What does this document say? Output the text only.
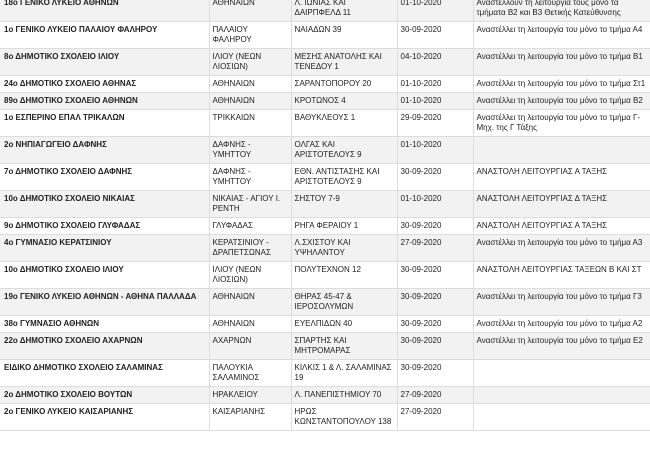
18ο ΓΕΝΙΚΟ ΛΥΚΕΙΟ ΑΘΗΝΩΝ	ΑΘΗΝΑΙΩΝ	Λ. ΙΩΝΙΑΣ ΚΑΙ ΔΑΙΡΠΦΕΛΔ 11	01-10-2020	Αναστέλλουν τη λειτουργία τους μόνο τα τμήματα Β2 και Β3 Θετικής Κατεύθυνσης
1ο ΓΕΝΙΚΟ ΛΥΚΕΙΟ ΠΑΛΑΙΟΥ ΦΑΛΗΡΟΥ	ΠΑΛΑΙΟΥ ΦΑΛΗΡΟΥ	ΝΑΙΑΔΩΝ 39	30-09-2020	Αναστέλλει τη λειτουργία του μόνο το τμήμα Α4
8ο ΔΗΜΟΤΙΚΟ ΣΧΟΛΕΙΟ ΙΛΙΟΥ	ΙΛΙΟΥ (ΝΕΩΝ ΛΙΟΣΙΩΝ)	ΜΕΣΗΣ ΑΝΑΤΟΛΗΣ ΚΑΙ ΤΕΝΕΔΟΥ 1	04-10-2020	Αναστέλλει τη λειτουργία του μόνο το τμήμα Β1
24ο ΔΗΜΟΤΙΚΟ ΣΧΟΛΕΙΟ ΑΘΗΝΑΣ	ΑΘΗΝΑΙΩΝ	ΣΑΡΑΝΤΟΠΟΡΟΥ 20	01-10-2020	Αναστέλλει τη λειτουργία του μόνο το τμήμα Στ1
89ο ΔΗΜΟΤΙΚΟ ΣΧΟΛΕΙΟ ΑΘΗΝΩΝ	ΑΘΗΝΑΙΩΝ	ΚΡΟΤΩΝΟΣ 4	01-10-2020	Αναστέλλει τη λειτουργία του μόνο το τμήμα Β2
1ο ΕΣΠΕΡΙΝΟ ΕΠΑΛ ΤΡΙΚΑΛΩΝ	ΤΡΙΚΚΑΙΩΝ	ΒΑΘΥΚΛΕΟΥΣ 1	29-09-2020	Αναστέλλει τη λειτουργία του μόνο το τμήμα Γ-Μηχ. της Γ Τάξης
2ο ΝΗΠΙΑΓΩΓΕΙΟ ΔΑΦΝΗΣ	ΔΑΦΝΗΣ - ΥΜΗΤΤΟΥ	ΟΛΓΑΣ ΚΑΙ ΑΡΙΣΤΟΤΕΛΟΥΣ 9	01-10-2020	
7ο ΔΗΜΟΤΙΚΟ ΣΧΟΛΕΙΟ ΔΑΦΝΗΣ	ΔΑΦΝΗΣ - ΥΜΗΤΤΟΥ	ΕΘΝ. ΑΝΤΙΣΤΑΣΗΣ ΚΑΙ ΑΡΙΣΤΟΤΕΛΟΥΣ 9	30-09-2020	ΑΝΑΣΤΟΛΗ ΛΕΙΤΟΥΡΓΙΑΣ Α ΤΑΞΗΣ
10ο ΔΗΜΟΤΙΚΟ ΣΧΟΛΕΙΟ ΝΙΚΑΙΑΣ	ΝΙΚΑΙΑΣ - ΑΓΙΟΥ Ι. ΡΕΝΤΗ	ΣΗΣΤΟΥ 7-9	01-10-2020	ΑΝΑΣΤΟΛΗ ΛΕΙΤΟΥΡΓΙΑΣ Δ ΤΑΞΗΣ
9ο ΔΗΜΟΤΙΚΟ ΣΧΟΛΕΙΟ ΓΛΥΦΑΔΑΣ	ΓΛΥΦΑΔΑΣ	ΡΗΓΑ ΦΕΡΑΙΟΥ 1	30-09-2020	ΑΝΑΣΤΟΛΗ ΛΕΙΤΟΥΡΓΙΑΣ Α ΤΑΞΗΣ
4ο ΓΥΜΝΑΣΙΟ ΚΕΡΑΤΣΙΝΙΟΥ	ΚΕΡΑΤΣΙΝΙΟΥ - ΔΡΑΠΕΤΣΩΝΑΣ	Λ.ΣΧΙΣΤΟΥ ΚΑΙ ΥΨΗΛΑΝΤΟΥ	27-09-2020	Αναστέλλει τη λειτουργία του μόνο το τμήμα Α3
10ο ΔΗΜΟΤΙΚΟ ΣΧΟΛΕΙΟ ΙΛΙΟΥ	ΙΛΙΟΥ (ΝΕΩΝ ΛΙΟΣΙΩΝ)	ΠΟΛΥΤΕΧΝΟΝ 12	30-09-2020	ΑΝΑΣΤΟΛΗ ΛΕΙΤΟΥΡΓΙΑΣ ΤΑΞΕΩΝ Β ΚΑΙ ΣΤ
19ο ΓΕΝΙΚΟ ΛΥΚΕΙΟ ΑΘΗΝΩΝ - ΑΘΗΝΑ ΠΑΛΛΑΔΑ	ΑΘΗΝΑΙΩΝ	ΘΗΡΑΣ 45-47 & ΙΕΡΟΣΟΛΥΜΩΝ	30-09-2020	Αναστέλλει τη λειτουργία του μόνο το τμήμα Γ3
38ο ΓΥΜΝΑΣΙΟ ΑΘΗΝΩΝ	ΑΘΗΝΑΙΩΝ	ΕΥΕΛΠΙΔΩΝ 40	30-09-2020	Αναστέλλει τη λειτουργία του μόνο το τμήμα Α2
22ο ΔΗΜΟΤΙΚΟ ΣΧΟΛΕΙΟ ΑΧΑΡΝΩΝ	ΑΧΑΡΝΩΝ	ΣΠΑΡΤΗΣ ΚΑΙ ΜΗΤΡΟΜΑΡΑΣ	30-09-2020	Αναστέλλει τη λειτουργία του μόνο το τμήμα Ε2
ΕΙΔΙΚΟ ΔΗΜΟΤΙΚΟ ΣΧΟΛΕΙΟ ΣΑΛΑΜΙΝΑΣ	ΠΑΛΟΥΚΙΑ ΣΑΛΑΜΙΝΟΣ	ΚΙΛΚΙΣ 1 & Λ. ΣΑΛΑΜΙΝΑΣ 19	30-09-2020	
2ο ΔΗΜΟΤΙΚΟ ΣΧΟΛΕΙΟ ΒΟΥΤΩΝ	ΗΡΑΚΛΕΙΟΥ	Λ. ΠΑΝΕΠΙΣΤΗΜΙΟΥ 70	27-09-2020	
2ο ΓΕΝΙΚΟ ΛΥΚΕΙΟ ΚΑΙΣΑΡΙΑΝΗΣ	ΚΑΙΣΑΡΙΑΝΗΣ	ΗΡΩΣ ΚΩΝΣΤΑΝΤΟΠΟΥΛΟΥ 138	27-09-2020	
